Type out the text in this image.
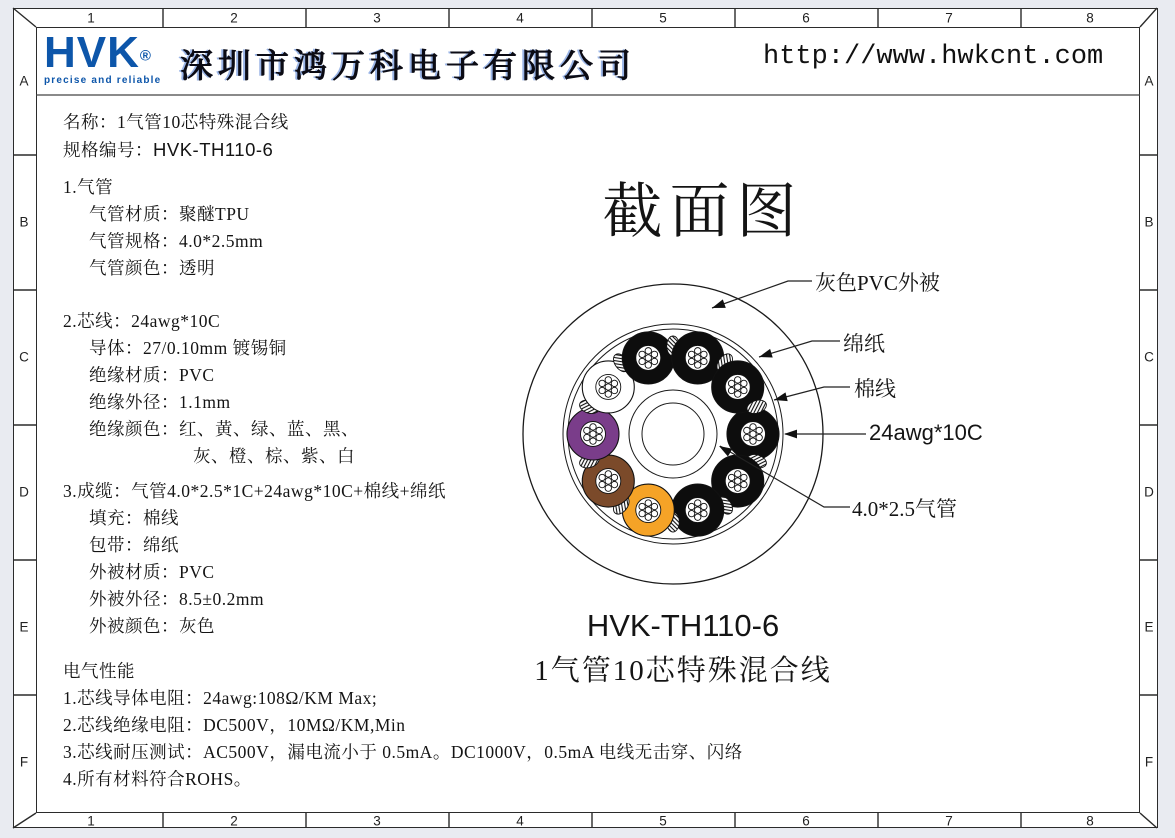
1	2	3	4	5	6	7	8
1	2	3	4	5	6	7	8
A
B
C
D
E
F
A
B
C
D
E
F
HVK®
precise and reliable 深圳市鸿万科电子有限公司	http://www.hwkcnt.com
名称：1气管10芯特殊混合线
规格编号：HVK-TH110-6
1.气管
气管材质：聚醚TPU
气管规格：4.0*2.5mm
气管颜色：透明
2.芯线：24awg*10C
导体：27/0.10mm 镀锡铜
绝缘材质：PVC
绝缘外径：1.1mm
绝缘颜色：红、黄、绿、蓝、黑、
灰、橙、棕、紫、白
3.成缆：气管4.0*2.5*1C+24awg*10C+棉线+绵纸
填充：棉线
包带：绵纸
外被材质：PVC
外被外径：8.5±0.2mm
外被颜色：灰色
电气性能
1.芯线导体电阻：24awg:108Ω/KM Max;
2.芯线绝缘电阻：DC500V，10MΩ/KM,Min
3.芯线耐压测试：AC500V，漏电流小于 0.5mA。DC1000V，0.5mA 电线无击穿、闪络
4.所有材料符合ROHS。
截面图
HVK-TH110-6
1气管10芯特殊混合线
灰色PVC外被
绵纸
棉线
24awg*10C
4.0*2.5气管
